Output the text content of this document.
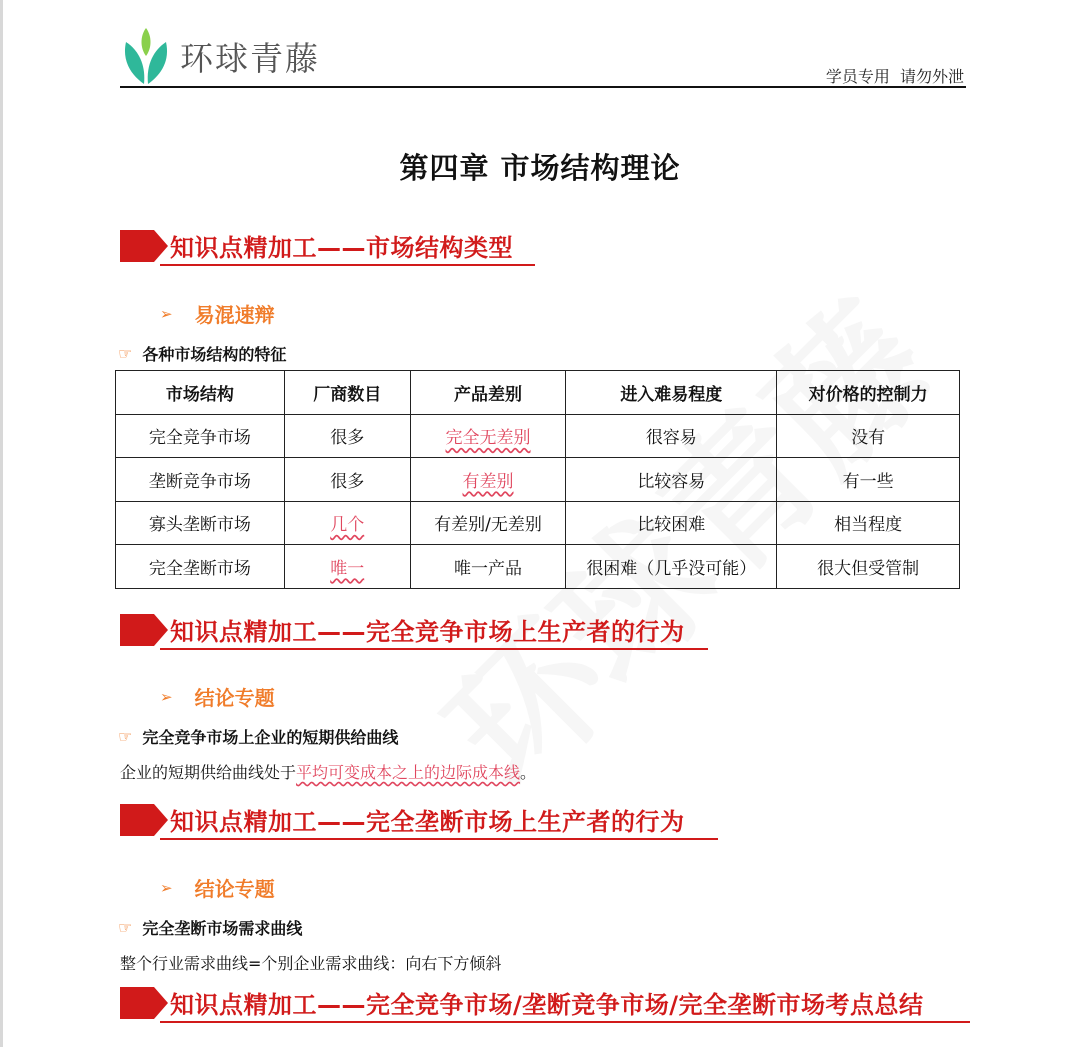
环球青藤	学员专用  请勿外泄
第四章 市场结构理论
知识点精加工——市场结构类型
➢ 易混速辩
☞ 各种市场结构的特征
市场结构	厂商数目	产品差别	进入难易程度	对价格的控制力
完全竞争市场	很多	完全无差别	很容易	没有
垄断竞争市场	很多	有差别	比较容易	有一些
寡头垄断市场	几个	有差别/无差别	比较困难	相当程度
完全垄断市场	唯一	唯一产品	很困难（几乎没可能）	很大但受管制
知识点精加工——完全竞争市场上生产者的行为
➢ 结论专题
☞ 完全竞争市场上企业的短期供给曲线
企业的短期供给曲线处于平均可变成本之上的边际成本线。
知识点精加工——完全垄断市场上生产者的行为
➢ 结论专题
☞ 完全垄断市场需求曲线
整个行业需求曲线=个别企业需求曲线：向右下方倾斜
知识点精加工——完全竞争市场/垄断竞争市场/完全垄断市场考点总结
